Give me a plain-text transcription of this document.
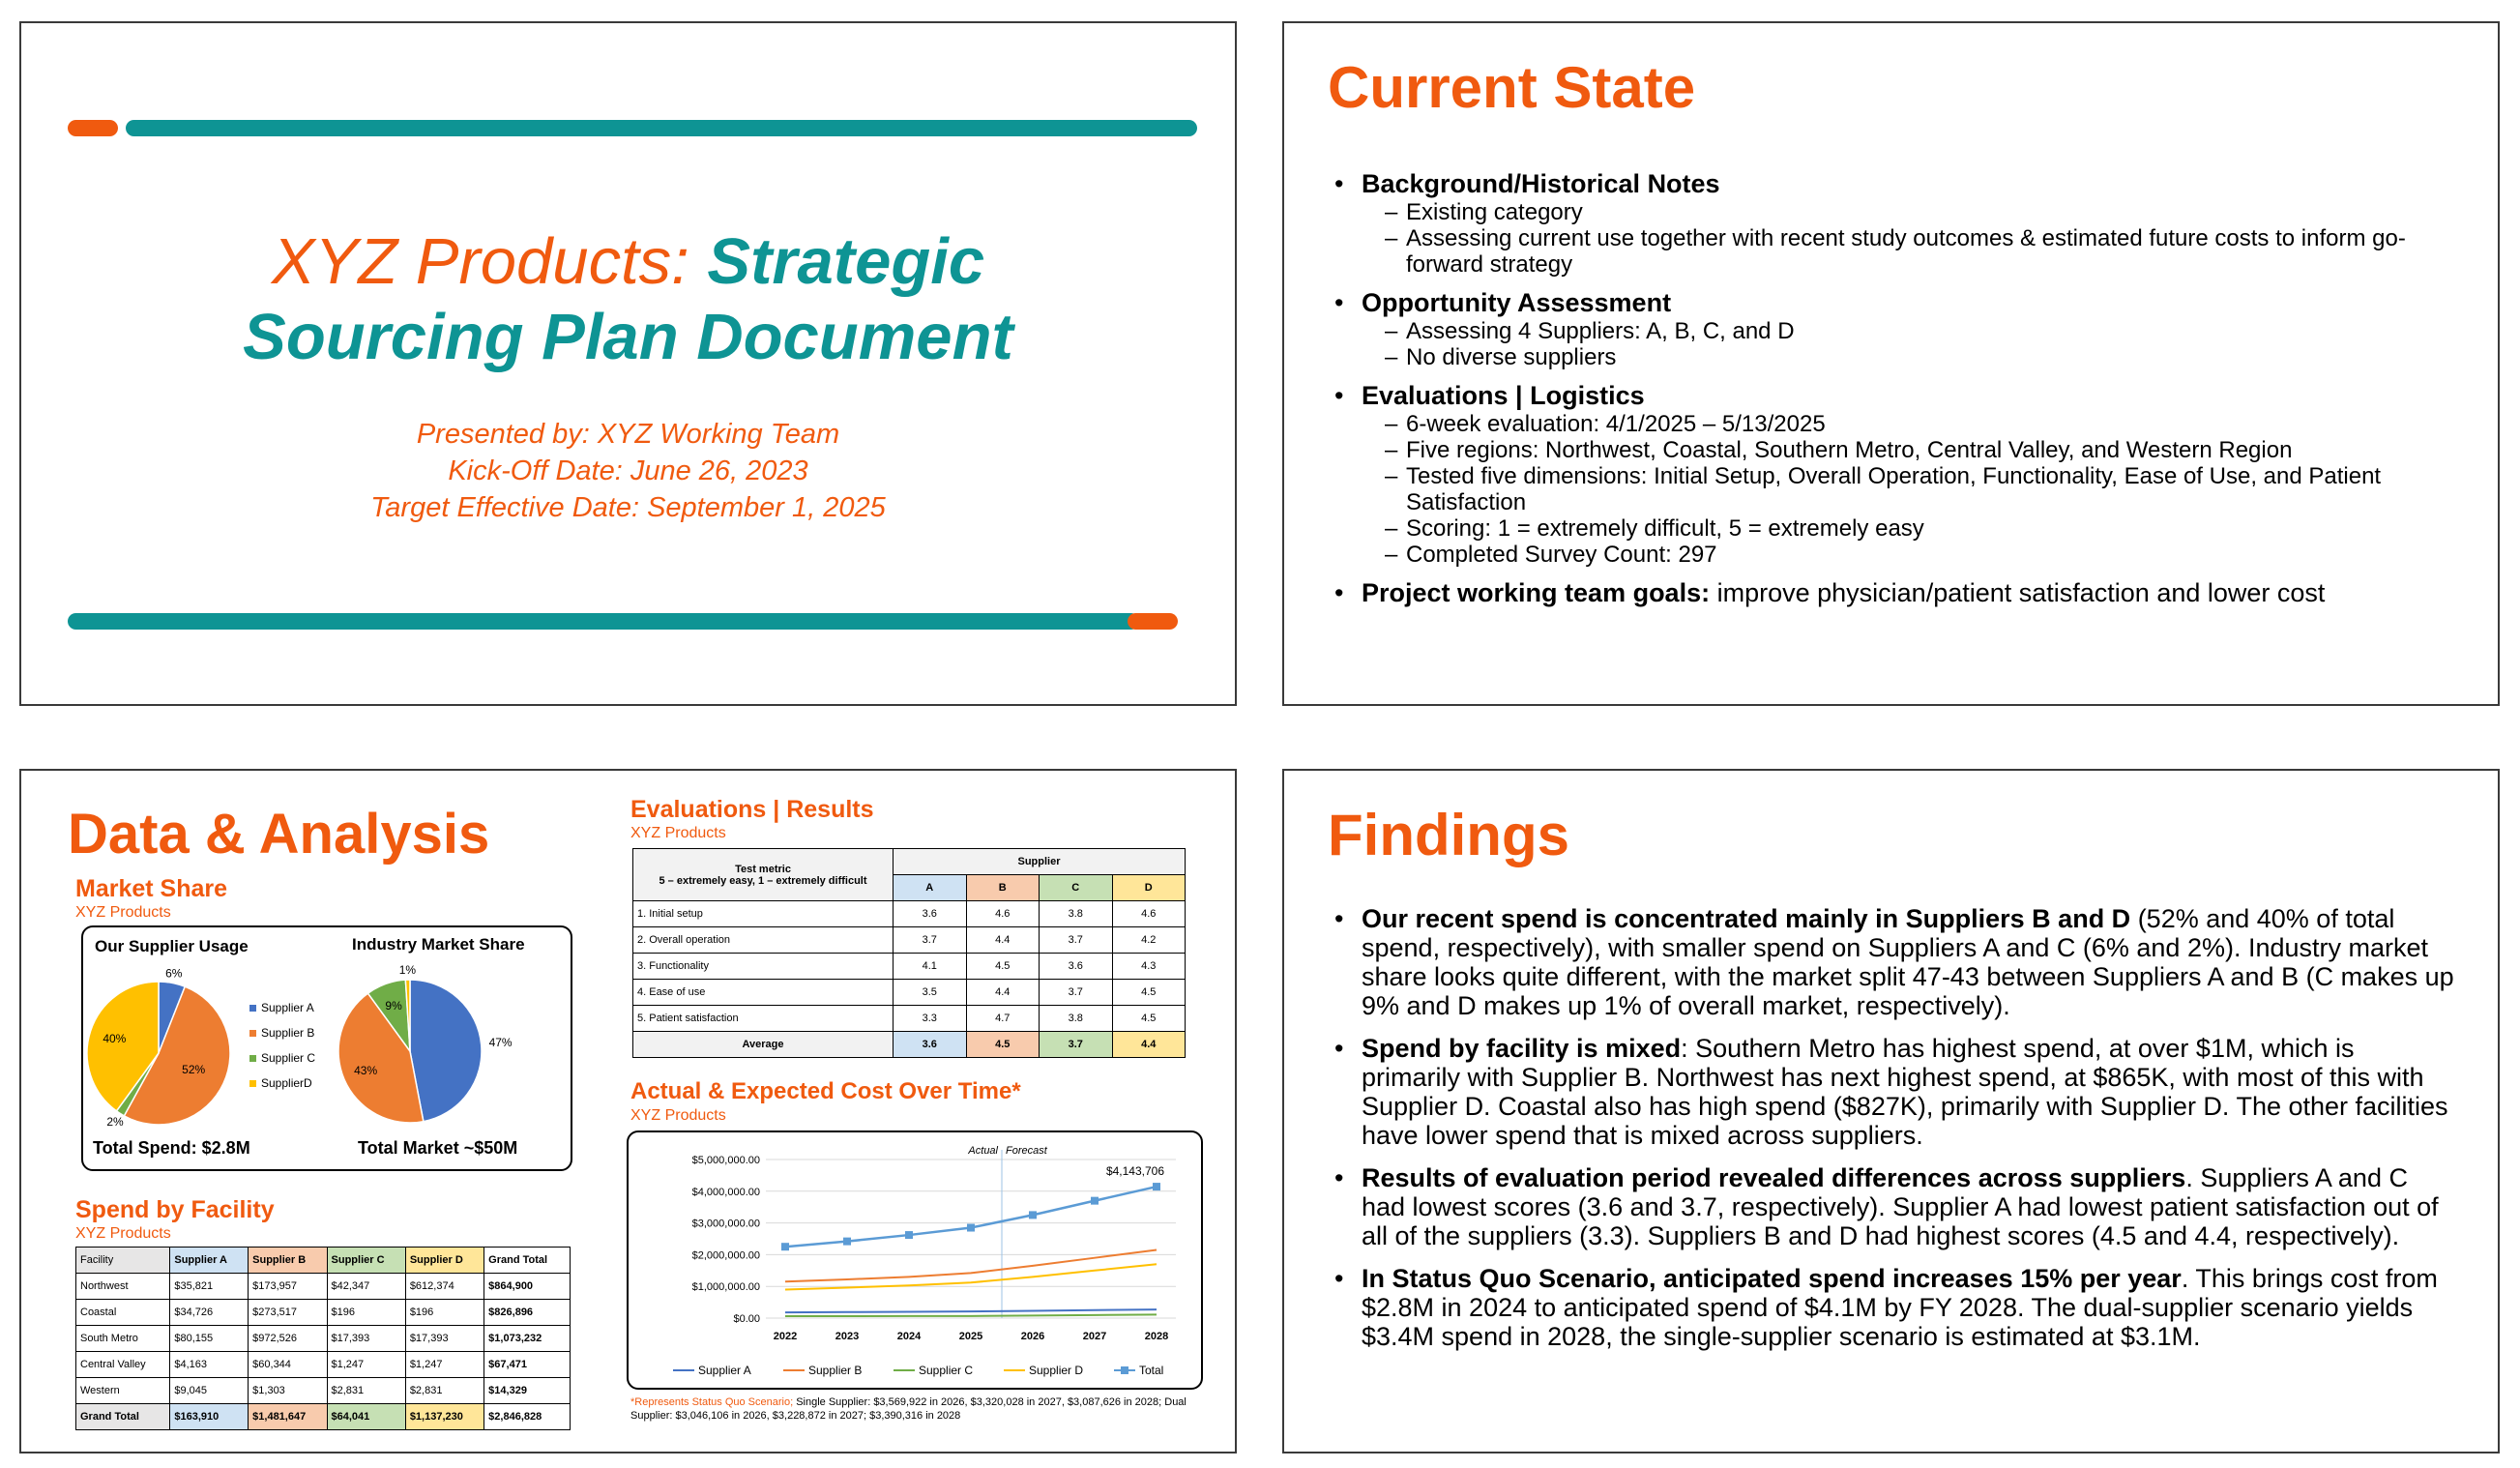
XYZ Products: Strategic
Sourcing Plan Document
Presented by: XYZ Working Team
Kick-Off Date: June 26, 2023
Target Effective Date: September 1, 2025
Current State
• Background/Historical Notes
– Existing category
– Assessing current use together with recent study outcomes & estimated future costs to inform go-forward strategy
• Opportunity Assessment
– Assessing 4 Suppliers: A, B, C, and D
– No diverse suppliers
• Evaluations | Logistics
– 6-week evaluation: 4/1/2025 – 5/13/2025
– Five regions: Northwest, Coastal, Southern Metro, Central Valley, and Western Region
– Tested five dimensions: Initial Setup, Overall Operation, Functionality, Ease of Use, and Patient Satisfaction
– Scoring: 1 = extremely difficult, 5 = extremely easy
– Completed Survey Count: 297
• Project working team goals: improve physician/patient satisfaction and lower cost
Data & Analysis
Market Share
XYZ Products
Our Supplier Usage	Industry Market Share
6%
52%
2%
40%	47%
43%
9%
1%
Supplier A
Supplier B
Supplier C
SupplierD
Total Spend: $2.8M	Total Market ~$50M
Spend by Facility
XYZ Products
Facility	Supplier A	Supplier B	Supplier C	Supplier D	Grand Total
Northwest	$35,821	$173,957	$42,347	$612,374	$864,900
Coastal	$34,726	$273,517	$196	$196	$826,896
South Metro	$80,155	$972,526	$17,393	$17,393	$1,073,232
Central Valley	$4,163	$60,344	$1,247	$1,247	$67,471
Western	$9,045	$1,303	$2,831	$2,831	$14,329
Grand Total	$163,910	$1,481,647	$64,041	$1,137,230	$2,846,828
Evaluations | Results
XYZ Products
Test metric
5 – extremely easy, 1 – extremely difficult	Supplier			
	A	B	C	D
1. Initial setup	3.6	4.6	3.8	4.6
2. Overall operation	3.7	4.4	3.7	4.2
3. Functionality	4.1	4.5	3.6	4.3
4. Ease of use	3.5	4.4	3.7	4.5
5. Patient satisfaction	3.3	4.7	3.8	4.5
Average	3.6	4.5	3.7	4.4
Actual & Expected Cost Over Time*
XYZ Products
$0.00
$1,000,000.00
$2,000,000.00
$3,000,000.00
$4,000,000.00
$5,000,000.00
2022	2023	2024	2025	2026	2027	2028
Actual Forecast
$4,143,706
Supplier A	Supplier B	Supplier C	Supplier D	Total
*Represents Status Quo Scenario; Single Supplier: $3,569,922 in 2026, $3,320,028 in 2027, $3,087,626 in 2028; Dual Supplier: $3,046,106 in 2026, $3,228,872 in 2027; $3,390,316 in 2028
Findings
• Our recent spend is concentrated mainly in Suppliers B and D (52% and 40% of total spend, respectively), with smaller spend on Suppliers A and C (6% and 2%). Industry market share looks quite different, with the market split 47-43 between Suppliers A and B (C makes up 9% and D makes up 1% of overall market, respectively).
• Spend by facility is mixed: Southern Metro has highest spend, at over $1M, which is primarily with Supplier B. Northwest has next highest spend, at $865K, with most of this with Supplier D. Coastal also has high spend ($827K), primarily with Supplier D. The other facilities have lower spend that is mixed across suppliers.
• Results of evaluation period revealed differences across suppliers. Suppliers A and C had lowest scores (3.6 and 3.7, respectively). Supplier A had lowest patient satisfaction out of all of the suppliers (3.3). Suppliers B and D had highest scores (4.5 and 4.4, respectively).
• In Status Quo Scenario, anticipated spend increases 15% per year. This brings cost from $2.8M in 2024 to anticipated spend of $4.1M by FY 2028. The dual-supplier scenario yields $3.4M spend in 2028, the single-supplier scenario is estimated at $3.1M.
